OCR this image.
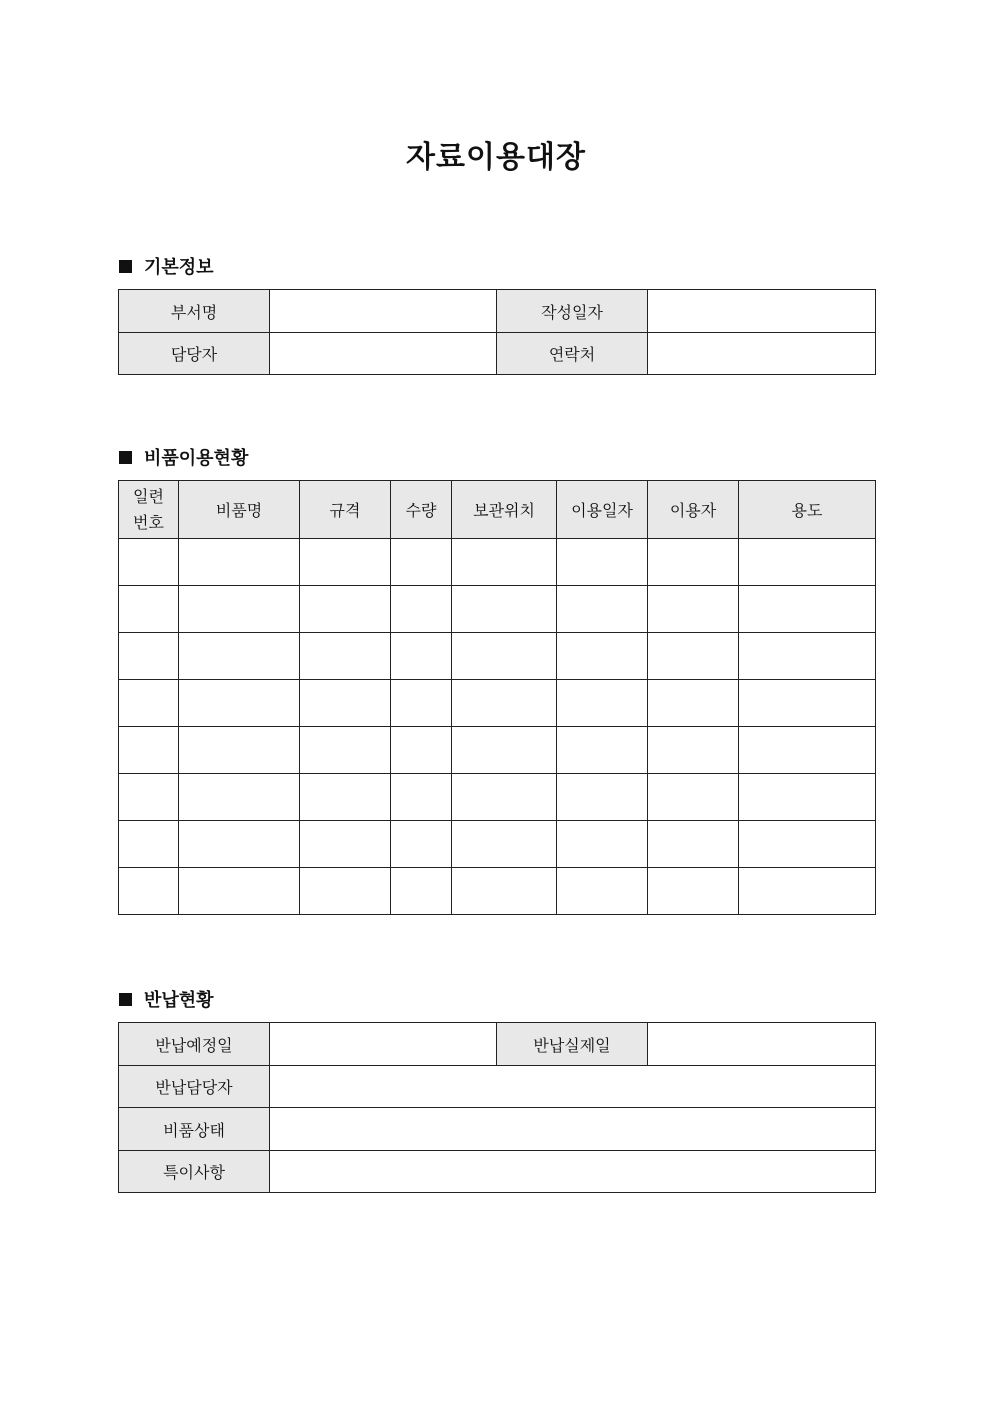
자료이용대장
기본정보
부서명		작성일자	
담당자		연락처	
비품이용현황
일련
번호	비품명	규격	수량	보관위치	이용일자	이용자	용도

반납현황
반납예정일		반납실제일	
반납담당자			
비품상태			
특이사항			
